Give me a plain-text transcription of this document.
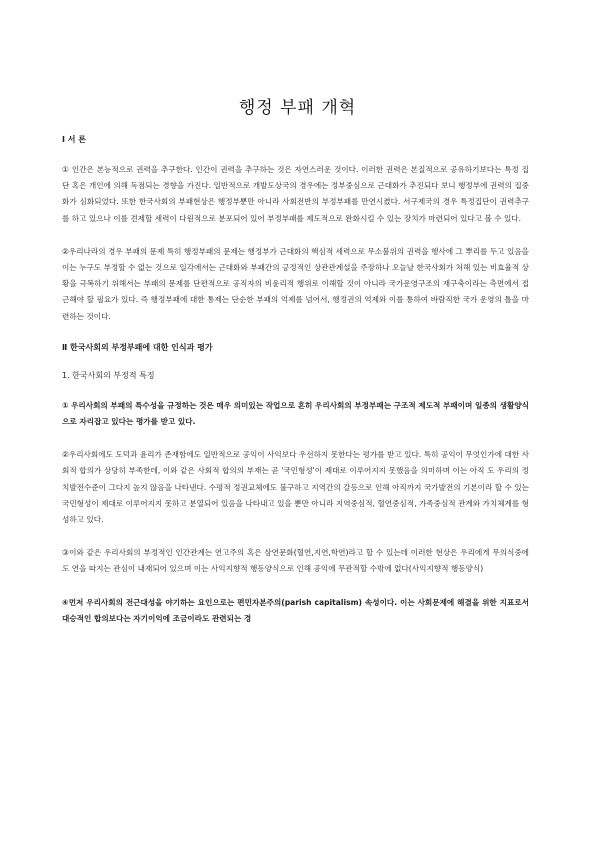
행정 부패 개혁
Ⅰ 서 론

① 인간은 본능적으로 권력을 추구한다. 인간이 권력을 추구하는 것은 자연스러운 것이다. 이러한 권력은 본질적으로 공유하기보다는 특정 집단 혹은 개인에 의해 독점되는 경향을 가진다. 일반적으로 개발도상국의 경우에는 정부중심으로 근대화가 추진되다 보니 행정부에 권력의 집중화가 심화되었다. 또한 한국사회의 부패현상은 행정부뿐만 아니라 사회전반의 부정부패를 만연시켰다. 서구제국의 경우 특정집단이 권력추구를 하고 있으나 이를 견제할 세력이 다원적으로 분포되어 있어 부정부패를 제도적으로 완화시킬 수 있는 장치가 마련되어 있다고 볼 수 있다.

②우리나라의 경우 부패의 문제 특히 행정부패의 문제는 행정부가 근대화의 핵심적 세력으로 무소불위의 권력을 행사에 그 뿌리를 두고 있음을 이는 누구도 부정할 수 없는 것으로 일각에서는 근대화와 부패간의 긍정적인 상관관계설을 주장하나 오늘날 한국사회가 처해 있는 비효율적 상황을 극복하기 위해서는 부패의 문제를 단편적으로 공직자의 비윤리적 행위로 이해할 것이 아니라 국가운영구조의 재구축이라는 측면에서 접근해야 할 필요가 있다. 즉 행정부패에 대한 통제는 단순한 부패의 억제를 넘어서, 행정권의 억제와 이를 통하여 바람직한 국가 운영의 틀을 마련하는 것이다.

Ⅱ 한국사회의 부정부패에 대한 인식과 평가
1. 한국사회의 부정적 특징

① 우리사회의 부패의 특수성을 규정하는 것은 매우 의미있는 작업으로 흔히 우리사회의 부정부패는 구조적 제도적 부패이며 일종의 생활양식으로 자리잡고 있다는 평가를 받고 있다.

②우리사회에도 도덕과 윤리가 존재함에도 일반적으로 공익이 사익보다 우선하지 못한다는 평가를 받고 있다. 특히 공익이 무엇인가에 대한 사회적 합의가 상당히 부족한데, 이와 같은 사회적 합의의 부재는 곧 '국민형성'이 제대로 이루어지지 못했음을 의미하며 이는 아직 도 우리의 정치발전수준이 그다지 높지 않음을 나타낸다. 수평적 정권교체에도 불구하고 지역간의 갈등으로 인해 아직까지 국가발전의 기본이라 할 수 있는 국민형성이 제대로 이루어지지 못하고 분열되어 있음을 나타내고 있을 뿐만 아니라 지역중심적, 혈연중심적, 가족중심적 관계와 가치체계를 형성하고 있다.

③이와 같은 우리사회의 부정적인 인간관계는 연고주의 혹은 삼연문화(혈연,지연,학연)라고 할 수 있는데 이러한 현상은 우리에게 무의식중에도 연을 따지는 관심이 내재되어 있으며 이는 사익지향적 행동양식으로 인해 공익에 무관적할 수밖에 없다(사익지향적 행동양식)

④먼저 우리사회의 전근대성을 야기하는 요인으로는 편민자본주의(parish capitalism) 속성이다. 이는 사회문제에 해결을 위한 지표로서 대승적인 합의보다는 자기이익에 조금이라도 관련되는 경
